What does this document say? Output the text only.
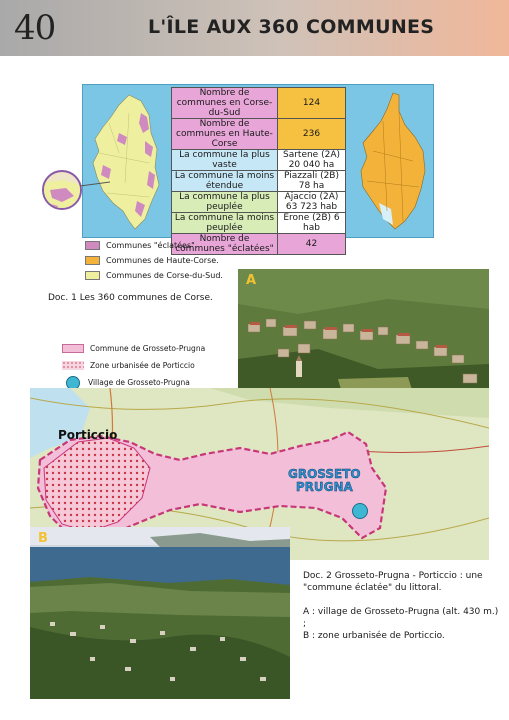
40	L'ÎLE AUX 360 COMMUNES
Nombre de communes en Corse-du-Sud	124
Nombre de communes en Haute-Corse	236
La commune la plus vaste	Sartene (2A) 20 040 ha
La commune la moins étendue	Piazzali (2B) 78 ha
La commune la plus peuplée	Ajaccio (2A) 63 723 hab
La commune la moins peuplée	Erone (2B) 6 hab
Nombre de communes "éclatées"	42
Communes "éclatées".
Communes de Haute-Corse.
Communes de Corse-du-Sud.
Doc. 1 Les 360 communes de Corse.
A
Commune de Grosseto-Prugna
Zone urbanisée de Porticcio
Village de Grosseto-Prugna
Porticcio
GROSSETO
PRUGNA
B

Doc. 2 Grosseto-Prugna - Porticcio : une "commune éclatée" du littoral.

A : village de Grosseto-Prugna (alt. 430 m.) ;
B : zone urbanisée de Porticcio.
